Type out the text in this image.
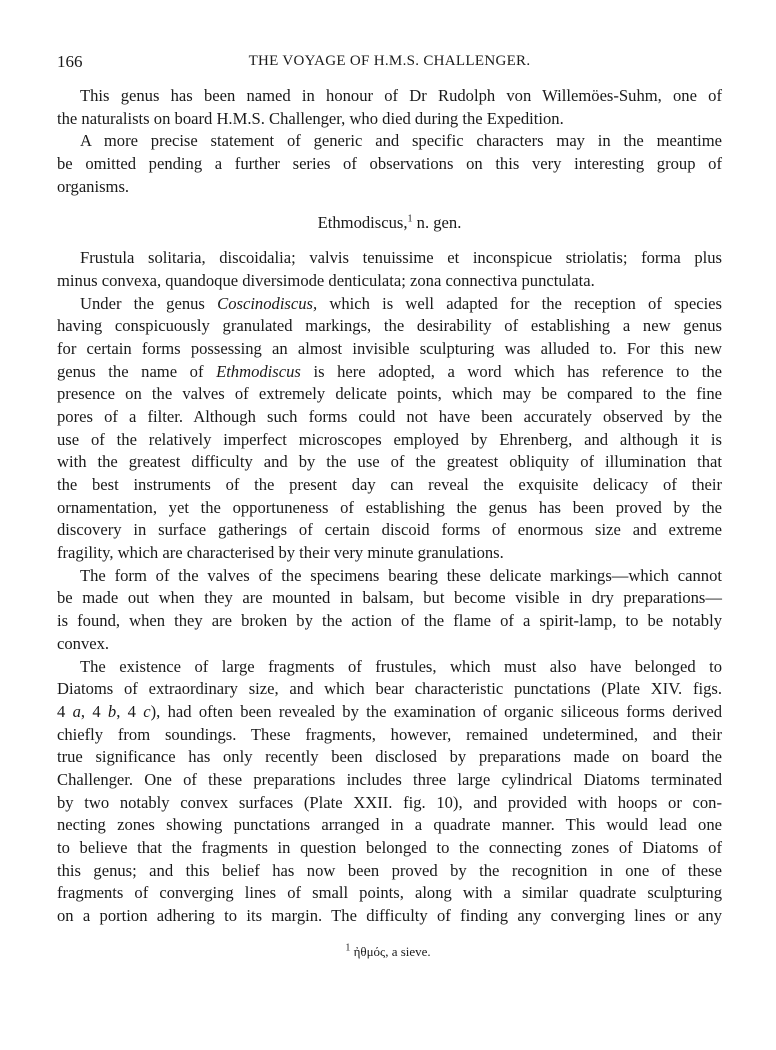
166	THE VOYAGE OF H.M.S. CHALLENGER.
This genus has been named in honour of Dr Rudolph von Willemöes-Suhm, one of
the naturalists on board H.M.S. Challenger, who died during the Expedition.
A more precise statement of generic and specific characters may in the meantime
be omitted pending a further series of observations on this very interesting group of
organisms.
Ethmodiscus,$^1$ n. gen.
Frustula solitaria, discoidalia; valvis tenuissime et inconspicue striolatis; forma plus
minus convexa, quandoque diversimode denticulata; zona connectiva punctulata.
Under the genus Coscinodiscus, which is well adapted for the reception of species
having conspicuously granulated markings, the desirability of establishing a new genus
for certain forms possessing an almost invisible sculpturing was alluded to. For this new
genus the name of Ethmodiscus is here adopted, a word which has reference to the
presence on the valves of extremely delicate points, which may be compared to the fine
pores of a filter. Although such forms could not have been accurately observed by the
use of the relatively imperfect microscopes employed by Ehrenberg, and although it is
with the greatest difficulty and by the use of the greatest obliquity of illumination that
the best instruments of the present day can reveal the exquisite delicacy of their
ornamentation, yet the opportuneness of establishing the genus has been proved by the
discovery in surface gatherings of certain discoid forms of enormous size and extreme
fragility, which are characterised by their very minute granulations.
The form of the valves of the specimens bearing these delicate markings—which cannot
be made out when they are mounted in balsam, but become visible in dry preparations—
is found, when they are broken by the action of the flame of a spirit-lamp, to be notably
convex.
The existence of large fragments of frustules, which must also have belonged to
Diatoms of extraordinary size, and which bear characteristic punctations (Plate XIV. figs.
4 a, 4 b, 4 c), had often been revealed by the examination of organic siliceous forms derived
chiefly from soundings. These fragments, however, remained undetermined, and their
true significance has only recently been disclosed by preparations made on board the
Challenger. One of these preparations includes three large cylindrical Diatoms terminated
by two notably convex surfaces (Plate XXII. fig. 10), and provided with hoops or con-
necting zones showing punctations arranged in a quadrate manner. This would lead one
to believe that the fragments in question belonged to the connecting zones of Diatoms of
this genus; and this belief has now been proved by the recognition in one of these
fragments of converging lines of small points, along with a similar quadrate sculpturing
on a portion adhering to its margin. The difficulty of finding any converging lines or any
$^1$ ἠθμός, a sieve.
